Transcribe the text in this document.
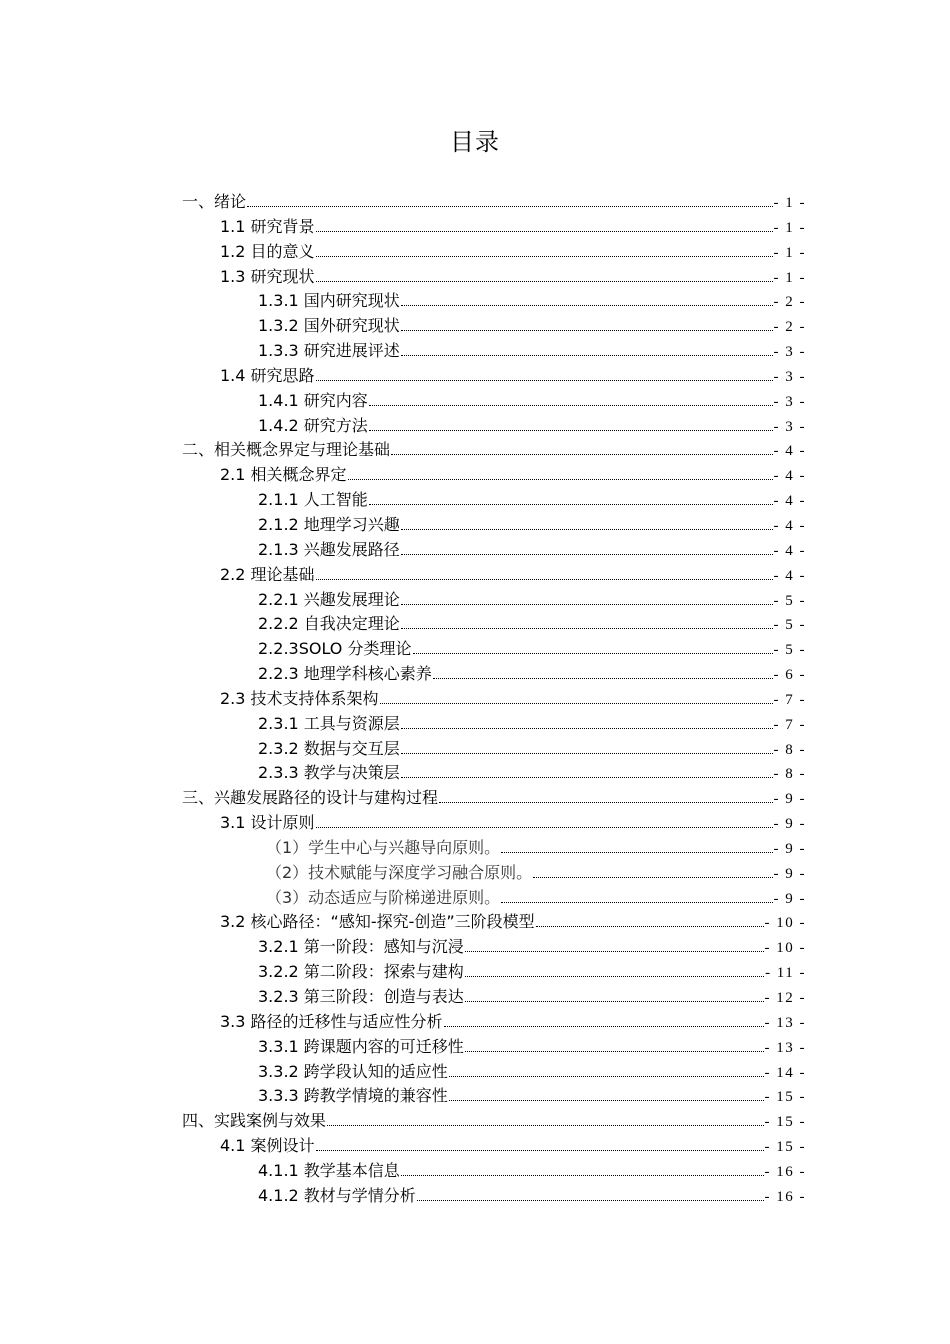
目录
一、绪论	- 1 -
1.1 研究背景	- 1 -
1.2 目的意义	- 1 -
1.3 研究现状	- 1 -
1.3.1 国内研究现状	- 2 -
1.3.2 国外研究现状	- 2 -
1.3.3 研究进展评述	- 3 -
1.4 研究思路	- 3 -
1.4.1 研究内容	- 3 -
1.4.2 研究方法	- 3 -
二、相关概念界定与理论基础	- 4 -
2.1 相关概念界定	- 4 -
2.1.1 人工智能	- 4 -
2.1.2 地理学习兴趣	- 4 -
2.1.3 兴趣发展路径	- 4 -
2.2 理论基础	- 4 -
2.2.1 兴趣发展理论	- 5 -
2.2.2 自我决定理论	- 5 -
2.2.3SOLO 分类理论	- 5 -
2.2.3 地理学科核心素养	- 6 -
2.3 技术支持体系架构	- 7 -
2.3.1 工具与资源层	- 7 -
2.3.2 数据与交互层	- 8 -
2.3.3 教学与决策层	- 8 -
三、兴趣发展路径的设计与建构过程	- 9 -
3.1 设计原则	- 9 -
（1）学生中心与兴趣导向原则。	- 9 -
（2）技术赋能与深度学习融合原则。	- 9 -
（3）动态适应与阶梯递进原则。	- 9 -
3.2 核心路径：“感知-探究-创造”三阶段模型	- 10 -
3.2.1 第一阶段：感知与沉浸	- 10 -
3.2.2 第二阶段：探索与建构	- 11 -
3.2.3 第三阶段：创造与表达	- 12 -
3.3 路径的迁移性与适应性分析	- 13 -
3.3.1 跨课题内容的可迁移性	- 13 -
3.3.2 跨学段认知的适应性	- 14 -
3.3.3 跨教学情境的兼容性	- 15 -
四、实践案例与效果	- 15 -
4.1 案例设计	- 15 -
4.1.1 教学基本信息	- 16 -
4.1.2 教材与学情分析	- 16 -
